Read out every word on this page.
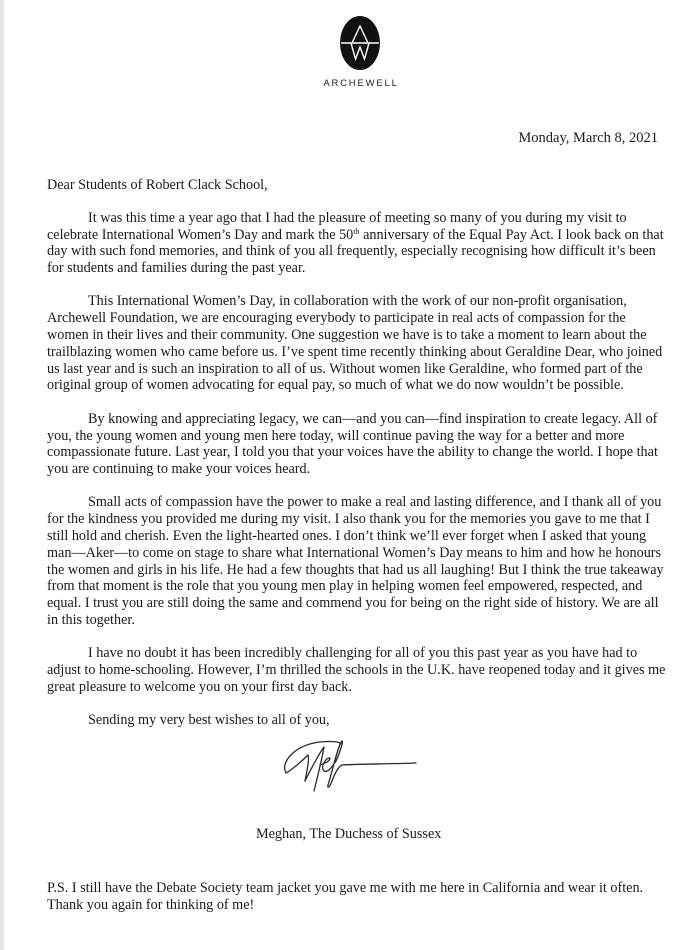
ARCHEWELL
Monday, March 8, 2021

Dear Students of Robert Clack School,

It was this time a year ago that I had the pleasure of meeting so many of you during my visit to celebrate International Women’s Day and mark the 50th anniversary of the Equal Pay Act. I look back on that day with such fond memories, and think of you all frequently, especially recognising how difficult it’s been for students and families during the past year.

This International Women’s Day, in collaboration with the work of our non-profit organisation, Archewell Foundation, we are encouraging everybody to participate in real acts of compassion for the women in their lives and their community. One suggestion we have is to take a moment to learn about the trailblazing women who came before us. I’ve spent time recently thinking about Geraldine Dear, who joined us last year and is such an inspiration to all of us. Without women like Geraldine, who formed part of the original group of women advocating for equal pay, so much of what we do now wouldn’t be possible.

By knowing and appreciating legacy, we can—and you can—find inspiration to create legacy. All of you, the young women and young men here today, will continue paving the way for a better and more compassionate future. Last year, I told you that your voices have the ability to change the world. I hope that you are continuing to make your voices heard.

Small acts of compassion have the power to make a real and lasting difference, and I thank all of you for the kindness you provided me during my visit. I also thank you for the memories you gave to me that I still hold and cherish. Even the light-hearted ones. I don’t think we’ll ever forget when I asked that young man—Aker—to come on stage to share what International Women’s Day means to him and how he honours the women and girls in his life. He had a few thoughts that had us all laughing! But I think the true takeaway from that moment is the role that you young men play in helping women feel empowered, respected, and equal. I trust you are still doing the same and commend you for being on the right side of history. We are all in this together.

I have no doubt it has been incredibly challenging for all of you this past year as you have had to adjust to home-schooling. However, I’m thrilled the schools in the U.K. have reopened today and it gives me great pleasure to welcome you on your first day back.

Sending my very best wishes to all of you,

Meghan, The Duchess of Sussex

P.S. I still have the Debate Society team jacket you gave me with me here in California and wear it often. Thank you again for thinking of me!
